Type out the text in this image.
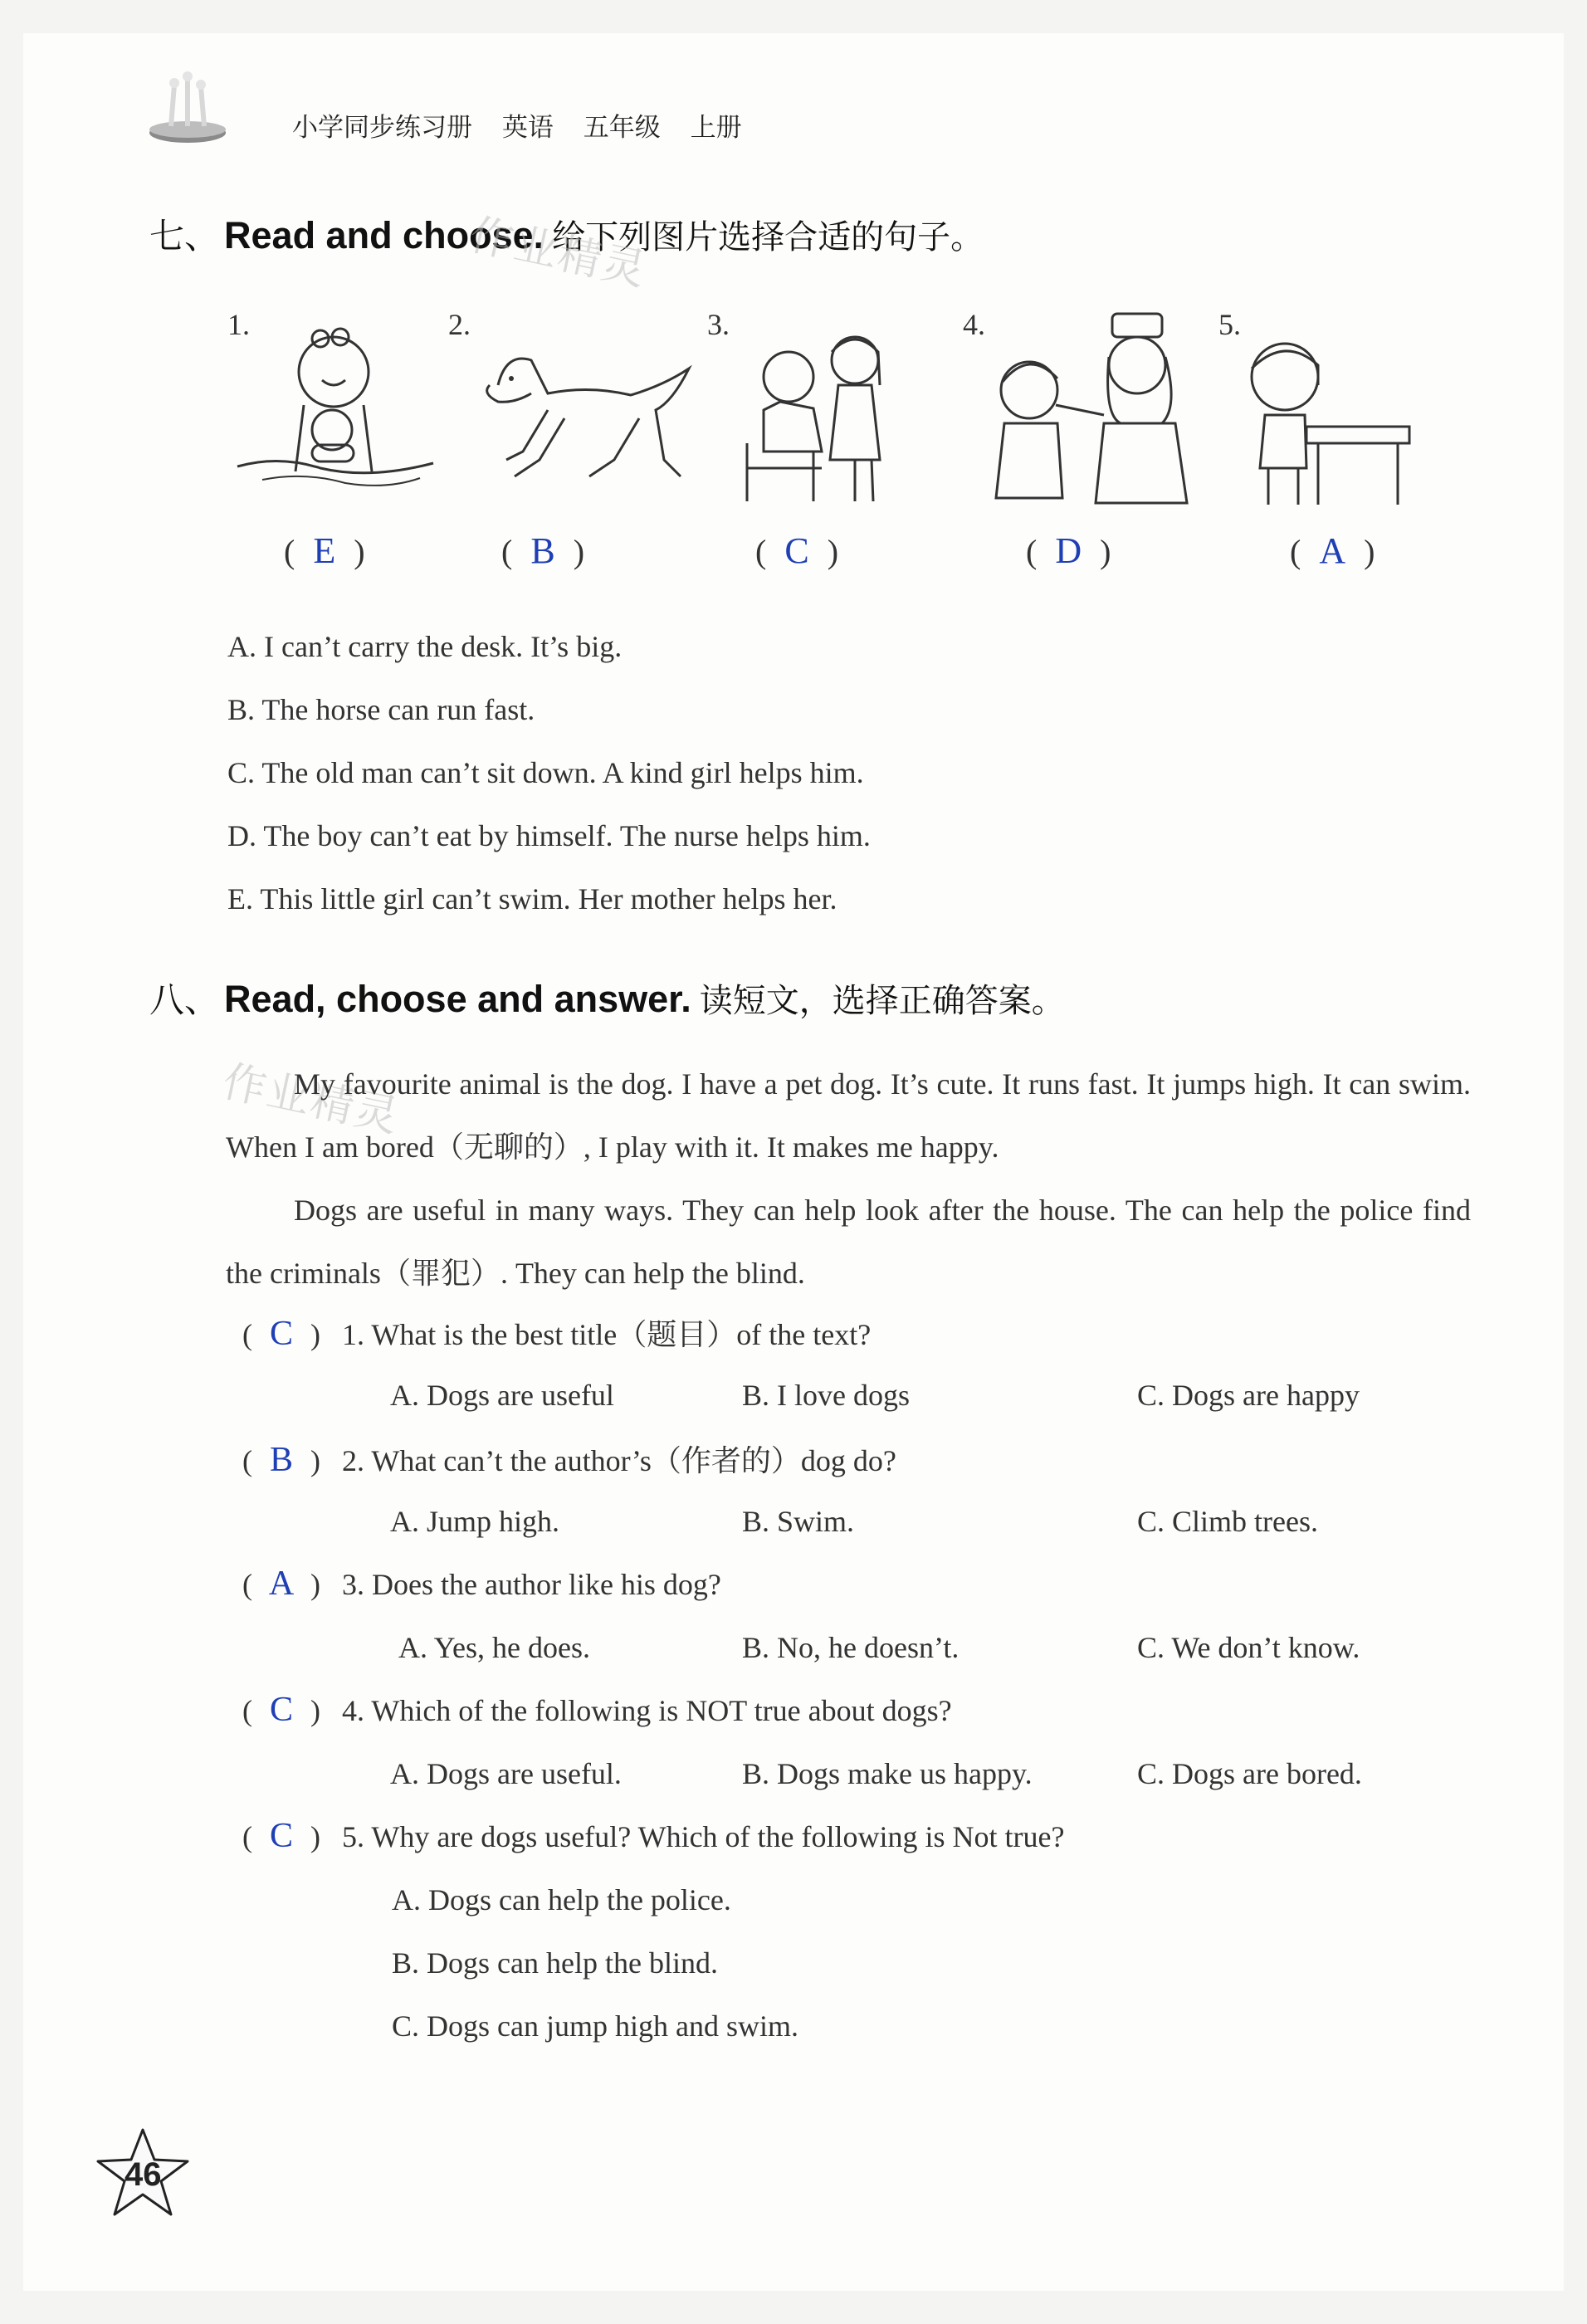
小学同步练习册 英语 五年级 上册
七、 Read and choose. 给下列图片选择合适的句子。
作业精灵
1.	2.	3.	4.	5.
( E )	( B )	( C )	( D )	( A )
A. I can’t carry the desk. It’s big.
B. The horse can run fast.
C. The old man can’t sit down. A kind girl helps him.
D. The boy can’t eat by himself. The nurse helps him.
E. This little girl can’t swim. Her mother helps her.
八、 Read, choose and answer. 读短文，选择正确答案。
作业精灵
My favourite animal is the dog. I have a pet dog. It’s cute. It runs fast. It jumps high. It can swim. When I am bored（无聊的）, I play with it. It makes me happy.
Dogs are useful in many ways. They can help look after the house. The can help the police find the criminals（罪犯）. They can help the blind.
( C ) 1. What is the best title（题目）of the text?
A. Dogs are useful	B. I love dogs	C. Dogs are happy
( B ) 2. What can’t the author’s（作者的）dog do?
A. Jump high.	B. Swim.	C. Climb trees.
( A ) 3. Does the author like his dog?
A. Yes, he does.	B. No, he doesn’t.	C. We don’t know.
( C ) 4. Which of the following is NOT true about dogs?
A. Dogs are useful.	B. Dogs make us happy.	C. Dogs are bored.
( C ) 5. Why are dogs useful? Which of the following is Not true?
A. Dogs can help the police.
B. Dogs can help the blind.
C. Dogs can jump high and swim.
46
